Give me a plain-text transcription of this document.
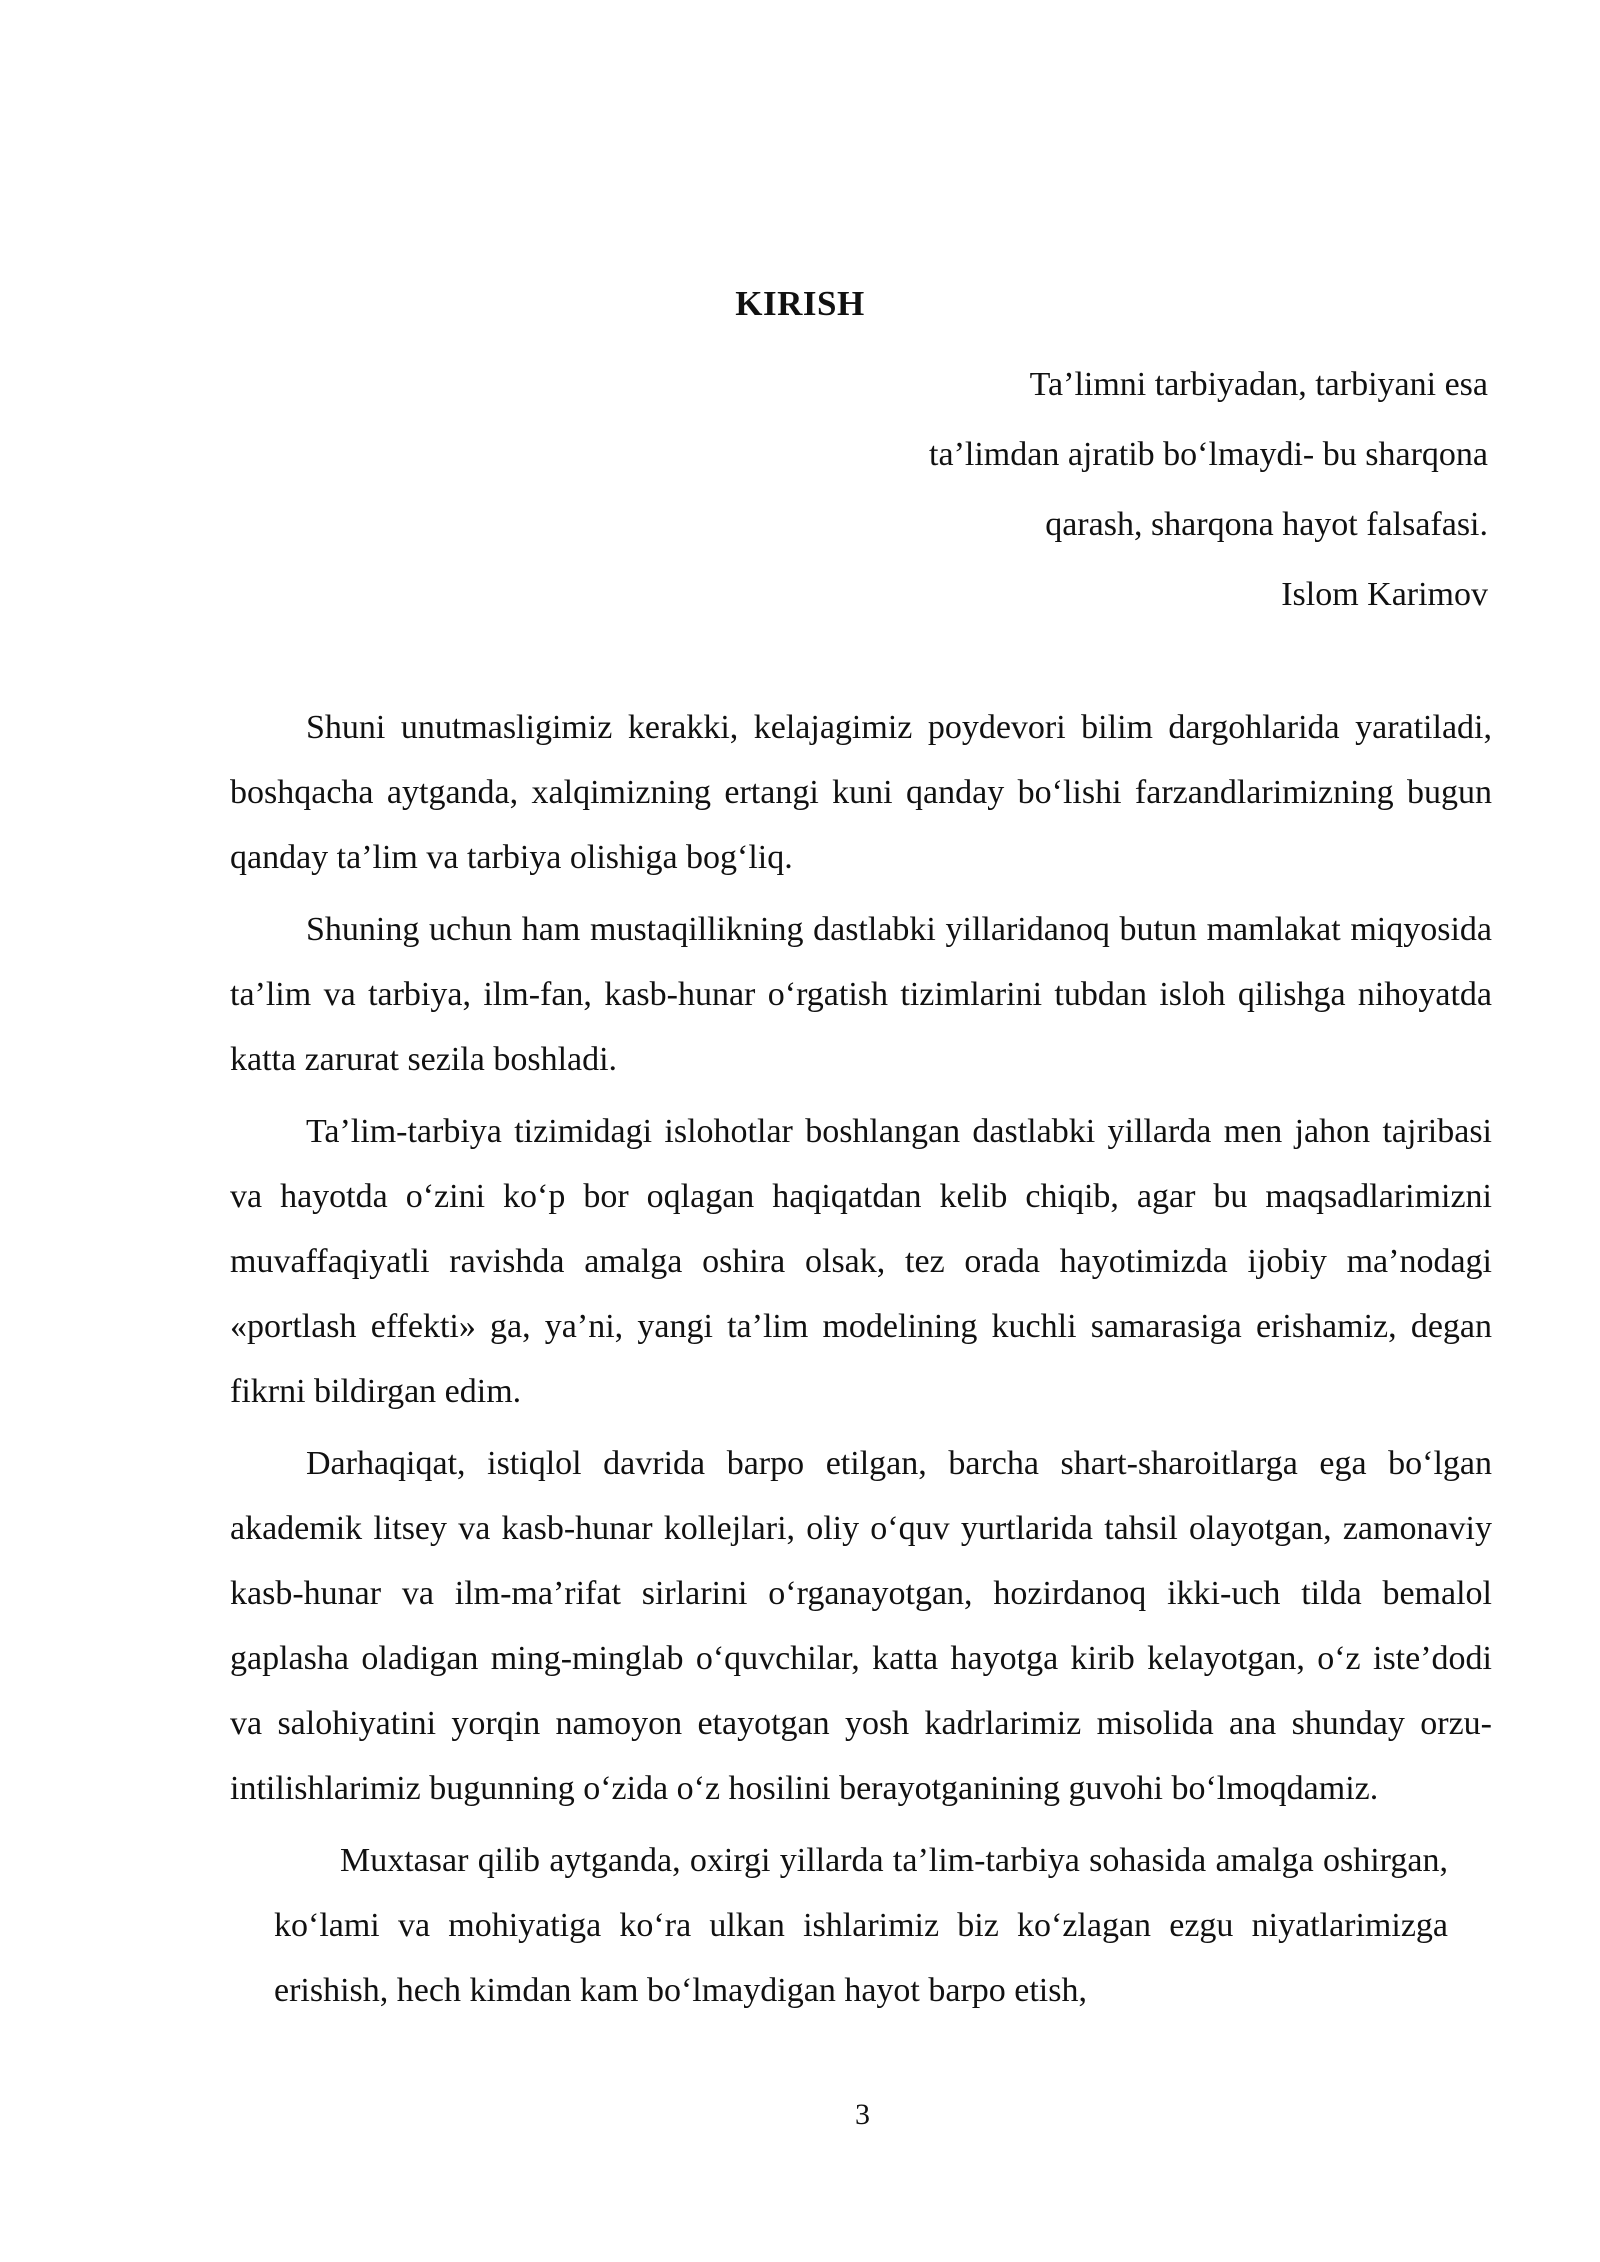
KIRISH
Ta’limni tarbiyadan, tarbiyani esa
ta’limdan ajratib bo‘lmaydi- bu sharqona
qarash, sharqona hayot falsafasi.
Islom Karimov

Shuni unutmasligimiz kerakki, kelajagimiz poydevori bilim dargohlarida yaratiladi, boshqacha aytganda, xalqimizning ertangi kuni qanday bo‘lishi farzandlarimizning bugun qanday ta’lim va tarbiya olishiga bog‘liq.

Shuning uchun ham mustaqillikning dastlabki yillaridanoq butun mamlakat miqyosida ta’lim va tarbiya, ilm-fan, kasb-hunar o‘rgatish tizimlarini tubdan isloh qilishga nihoyatda katta zarurat sezila boshladi.

Ta’lim-tarbiya tizimidagi islohotlar boshlangan dastlabki yillarda men jahon tajribasi va hayotda o‘zini ko‘p bor oqlagan haqiqatdan kelib chiqib, agar bu maqsadlarimizni muvaffaqiyatli ravishda amalga oshira olsak, tez orada hayotimizda ijobiy ma’nodagi «portlash effekti» ga, ya’ni, yangi ta’lim modelining kuchli samarasiga erishamiz, degan fikrni bildirgan edim.

Darhaqiqat, istiqlol davrida barpo etilgan, barcha shart-sharoitlarga ega bo‘lgan akademik litsey va kasb-hunar kollejlari, oliy o‘quv yurtlarida tahsil olayotgan, zamonaviy kasb-hunar va ilm-ma’rifat sirlarini o‘rganayotgan, hozirdanoq ikki-uch tilda bemalol gaplasha oladigan ming-minglab o‘quvchilar, katta hayotga kirib kelayotgan, o‘z iste’dodi va salohiyatini yorqin namoyon etayotgan yosh kadrlarimiz misolida ana shunday orzu-intilishlarimiz bugunning o‘zida o‘z hosilini berayotganining guvohi bo‘lmoqdamiz.

Muxtasar qilib aytganda, oxirgi yillarda ta’lim-tarbiya sohasida amalga oshirgan, ko‘lami va mohiyatiga ko‘ra ulkan ishlarimiz biz ko‘zlagan ezgu niyatlarimizga erishish, hech kimdan kam bo‘lmaydigan hayot barpo etish,

3
